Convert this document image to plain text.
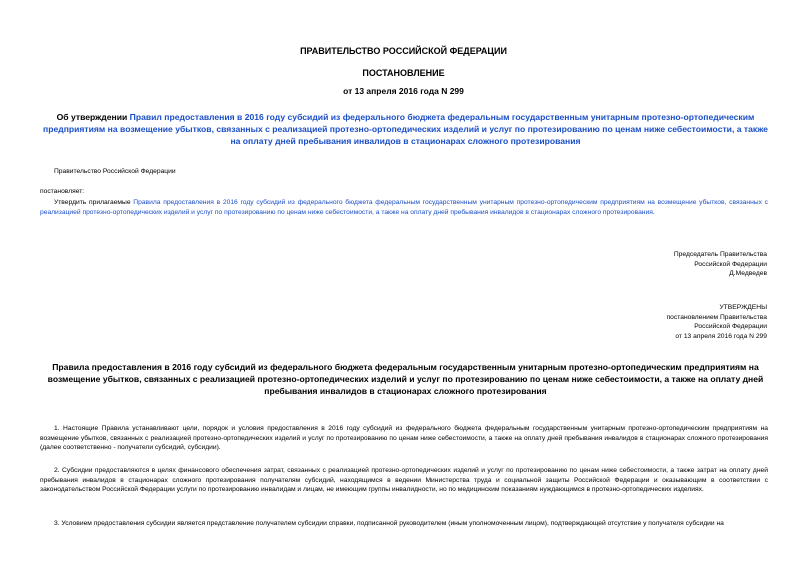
ПРАВИТЕЛЬСТВО РОССИЙСКОЙ ФЕДЕРАЦИИ
ПОСТАНОВЛЕНИЕ
от 13 апреля 2016 года N 299
Об утверждении Правил предоставления в 2016 году субсидий из федерального бюджета федеральным государственным унитарным протезно-ортопедическим предприятиям на возмещение убытков, связанных с реализацией протезно-ортопедических изделий и услуг по протезированию по ценам ниже себестоимости, а также на оплату дней пребывания инвалидов в стационарах сложного протезирования
Правительство Российской Федерации
постановляет:
Утвердить прилагаемые Правила предоставления в 2016 году субсидий из федерального бюджета федеральным государственным унитарным протезно-ортопедическим предприятиям на возмещение убытков, связанных с реализацией протезно-ортопедических изделий и услуг по протезированию по ценам ниже себестоимости, а также на оплату дней пребывания инвалидов в стационарах сложного протезирования.
Председатель Правительства
Российской Федерации
Д.Медведев
УТВЕРЖДЕНЫ
постановлением Правительства
Российской Федерации
от 13 апреля 2016 года N 299
Правила предоставления в 2016 году субсидий из федерального бюджета федеральным государственным унитарным протезно-ортопедическим предприятиям на возмещение убытков, связанных с реализацией протезно-ортопедических изделий и услуг по протезированию по ценам ниже себестоимости, а также на оплату дней пребывания инвалидов в стационарах сложного протезирования
1. Настоящие Правила устанавливают цели, порядок и условия предоставления в 2016 году субсидий из федерального бюджета федеральным государственным унитарным протезно-ортопедическим предприятиям на возмещение убытков, связанных с реализацией протезно-ортопедических изделий и услуг по протезированию по ценам ниже себестоимости, а также на оплату дней пребывания инвалидов в стационарах сложного протезирования (далее соответственно - получатели субсидий, субсидии).
2. Субсидии предоставляются в целях финансового обеспечения затрат, связанных с реализацией протезно-ортопедических изделий и услуг по протезированию по ценам ниже себестоимости, а также затрат на оплату дней пребывания инвалидов в стационарах сложного протезирования получателям субсидий, находящимся в ведении Министерства труда и социальной защиты Российской Федерации и оказывающим в соответствии с законодательством Российской Федерации услуги по протезированию инвалидам и лицам, не имеющим группы инвалидности, но по медицинским показаниям нуждающимся в протезно-ортопедических изделиях.
3. Условием предоставления субсидии является представление получателем субсидии справки, подписанной руководителем (иным уполномоченным лицом), подтверждающей отсутствие у получателя субсидии на
